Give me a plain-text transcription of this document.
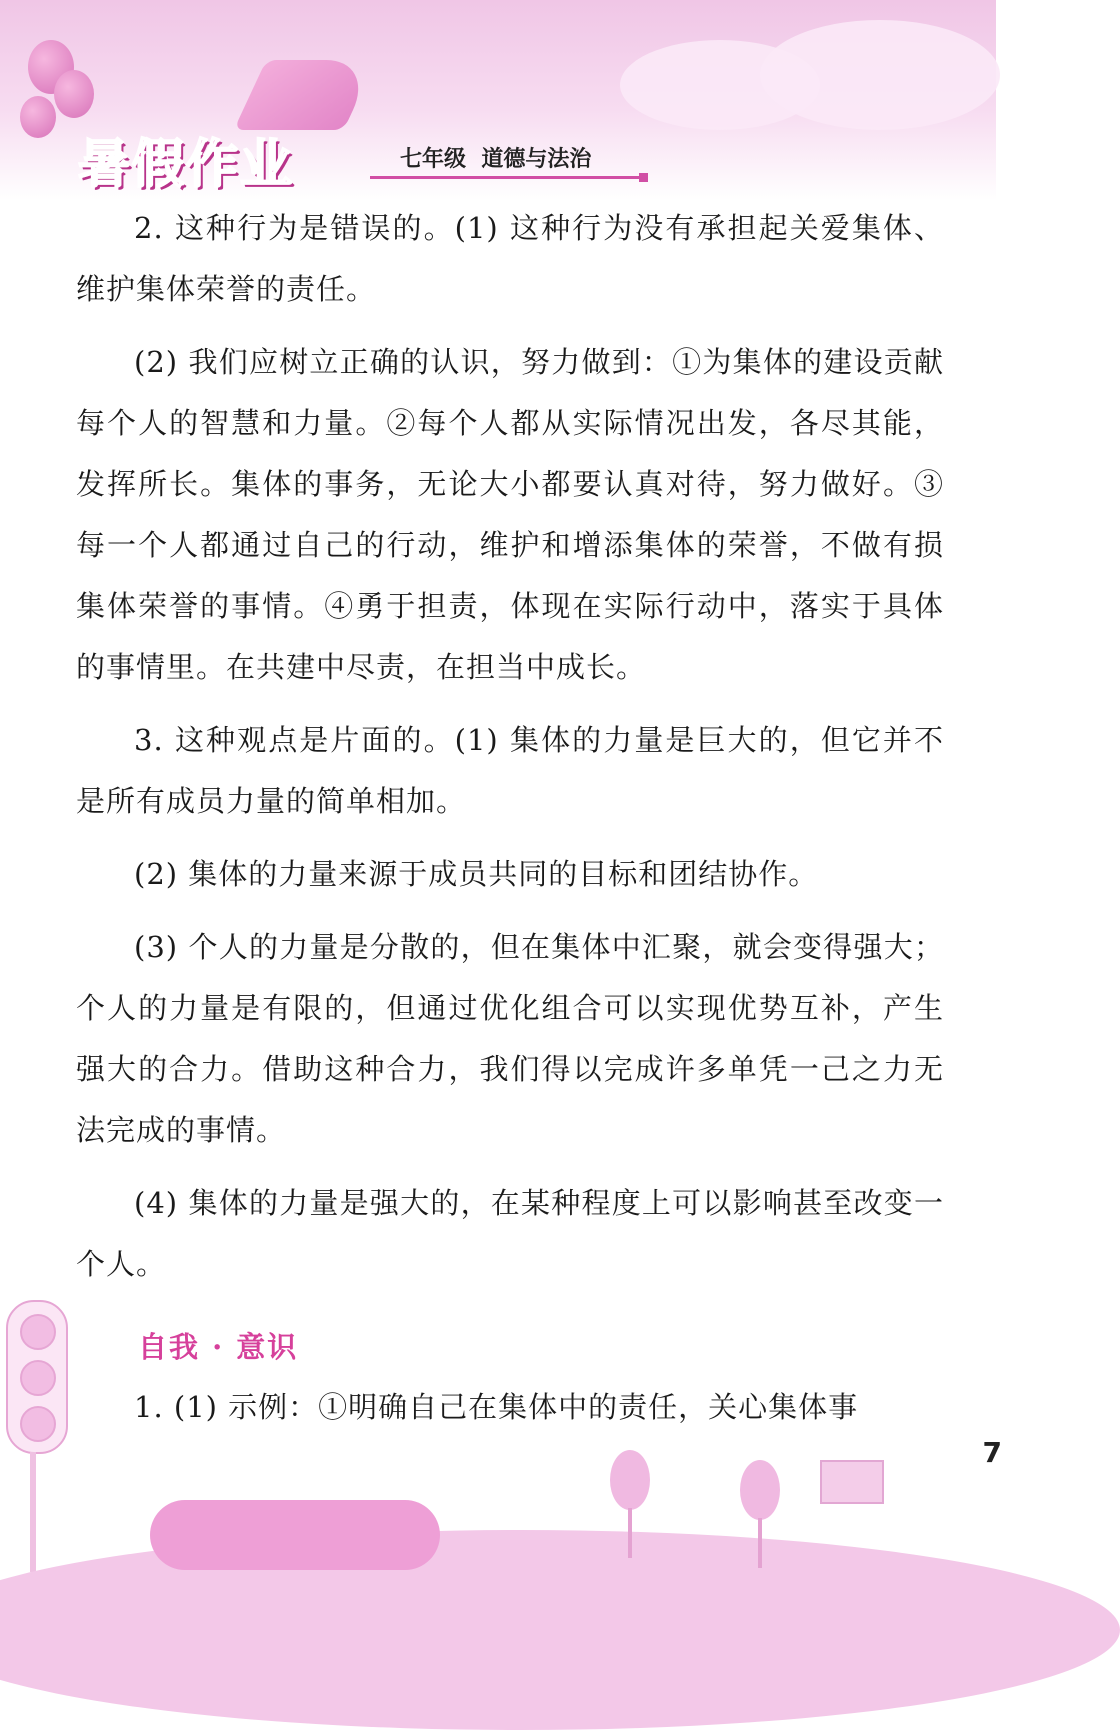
暑假作业	七年级  道德与法治

2. 这种行为是错误的。(1) 这种行为没有承担起关爱集体、维护集体荣誉的责任。

(2) 我们应树立正确的认识，努力做到：①为集体的建设贡献每个人的智慧和力量。②每个人都从实际情况出发，各尽其能，发挥所长。集体的事务，无论大小都要认真对待，努力做好。③每一个人都通过自己的行动，维护和增添集体的荣誉，不做有损集体荣誉的事情。④勇于担责，体现在实际行动中，落实于具体的事情里。在共建中尽责，在担当中成长。

3. 这种观点是片面的。(1) 集体的力量是巨大的，但它并不是所有成员力量的简单相加。

(2) 集体的力量来源于成员共同的目标和团结协作。

(3) 个人的力量是分散的，但在集体中汇聚，就会变得强大；个人的力量是有限的，但通过优化组合可以实现优势互补，产生强大的合力。借助这种合力，我们得以完成许多单凭一己之力无法完成的事情。

(4) 集体的力量是强大的，在某种程度上可以影响甚至改变一个人。

自我 · 意识

1. (1) 示例：①明确自己在集体中的责任，关心集体事

7
